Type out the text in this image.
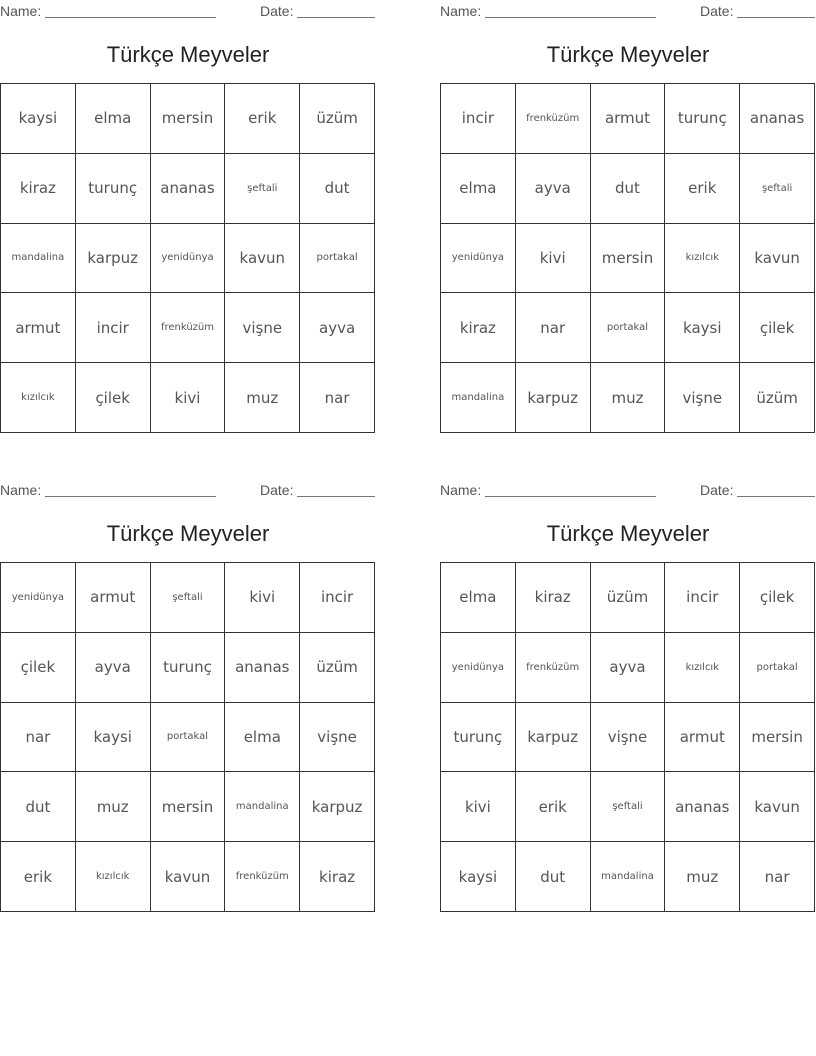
Name:	Date:
Türkçe Meyveler
kaysi	elma	mersin	erik	üzüm
kiraz	turunç	ananas	şeftali	dut
mandalina	karpuz	yenidünya	kavun	portakal
armut	incir	frenküzüm	vişne	ayva
kızılcık	çilek	kivi	muz	nar
Name:	Date:
Türkçe Meyveler
incir	frenküzüm	armut	turunç	ananas
elma	ayva	dut	erik	şeftali
yenidünya	kivi	mersin	kızılcık	kavun
kiraz	nar	portakal	kaysi	çilek
mandalina	karpuz	muz	vişne	üzüm
Name:	Date:
Türkçe Meyveler
yenidünya	armut	şeftali	kivi	incir
çilek	ayva	turunç	ananas	üzüm
nar	kaysi	portakal	elma	vişne
dut	muz	mersin	mandalina	karpuz
erik	kızılcık	kavun	frenküzüm	kiraz
Name:	Date:
Türkçe Meyveler
elma	kiraz	üzüm	incir	çilek
yenidünya	frenküzüm	ayva	kızılcık	portakal
turunç	karpuz	vişne	armut	mersin
kivi	erik	şeftali	ananas	kavun
kaysi	dut	mandalina	muz	nar
